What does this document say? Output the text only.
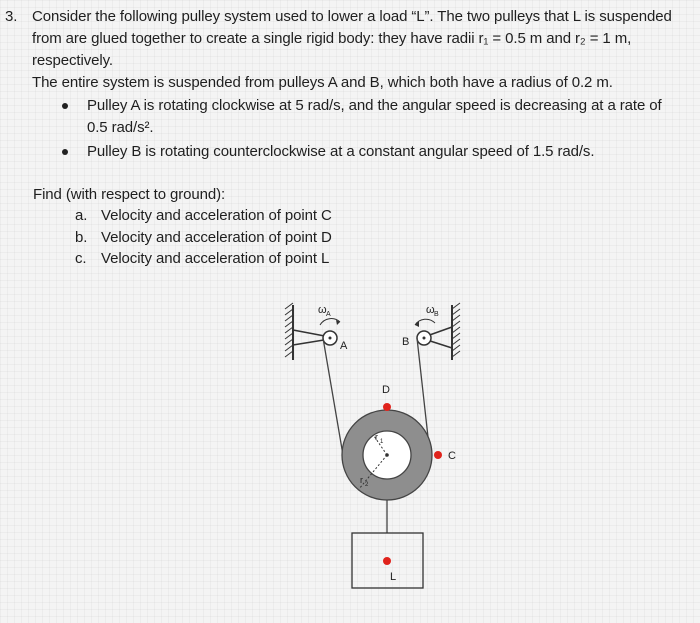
3. Consider the following pulley system used to lower a load “L”. The two pulleys that L is suspended
from are glued together to create a single rigid body: they have radii r₁ = 0.5 m and r₂ = 1 m,
respectively.
The entire system is suspended from pulleys A and B, which both have a radius of 0.2 m.
Pulley A is rotating clockwise at 5 rad/s, and the angular speed is decreasing at a rate of
0.5 rad/s².
Pulley B is rotating counterclockwise at a constant angular speed of 1.5 rad/s.
Find (with respect to ground):
a. Velocity and acceleration of point C
b. Velocity and acceleration of point D
c. Velocity and acceleration of point L
ω A
A
ω B
B
r 1
r 2
D
C
L
